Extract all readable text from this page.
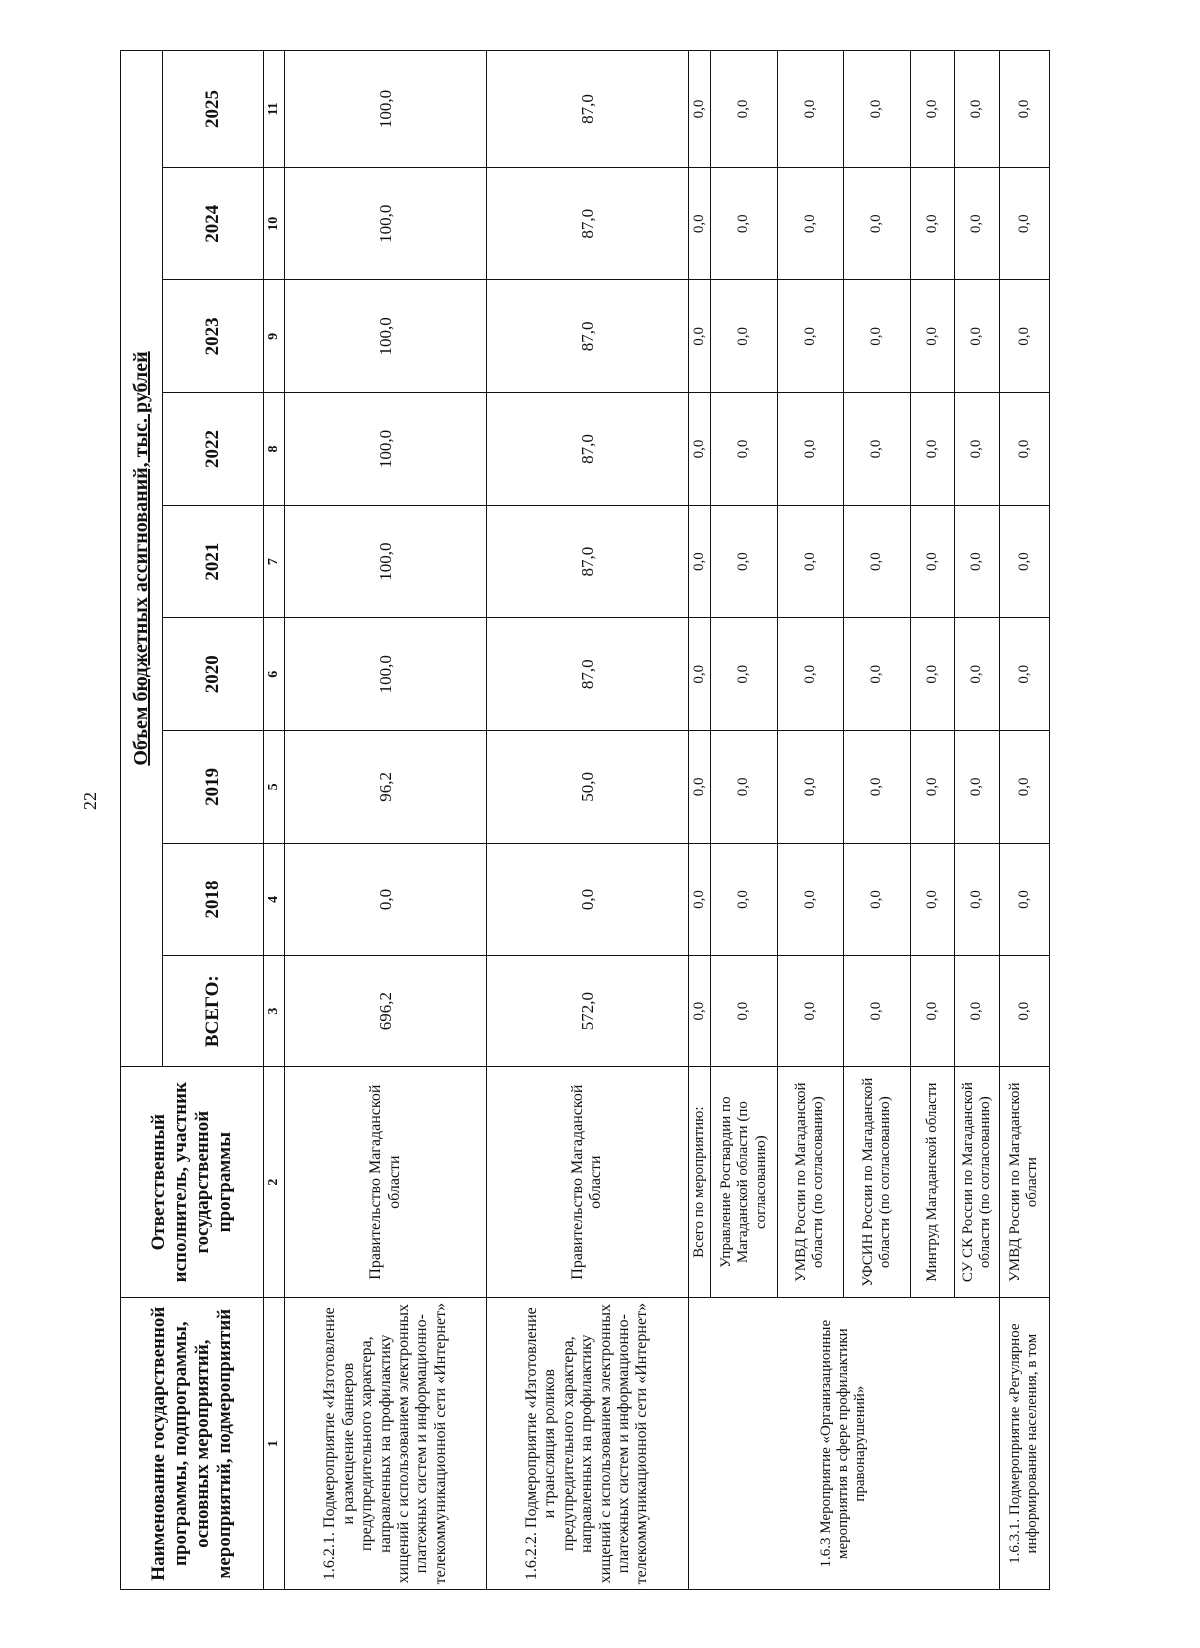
22
Наименование государственной программы, подпрограммы, основных мероприятий, мероприятий, подмероприятий	Ответственный исполнитель, участник государственной программы	Объем бюджетных ассигнований, тыс. рублей								
		ВСЕГО:	2018	2019	2020	2021	2022	2023	2024	2025
1	2	3	4	5	6	7	8	9	10	11
1.6.2.1. Подмероприятие «Изготовление и размещение баннеров предупредительного характера, направленных на профилактику хищений с использованием электронных платежных систем и информационно-телекоммуникационной сети «Интернет»	Правительство Магаданской области	696,2	0,0	96,2	100,0	100,0	100,0	100,0	100,0	100,0
1.6.2.2. Подмероприятие «Изготовление и трансляция роликов предупредительного характера, направленных на профилактику хищений с использованием электронных платежных систем и информационно-телекоммуникационной сети «Интернет»	Правительство Магаданской области	572,0	0,0	50,0	87,0	87,0	87,0	87,0	87,0	87,0
1.6.3 Мероприятие «Организационные мероприятия в сфере профилактики правонарушений»	Всего по мероприятию:	0,0	0,0	0,0	0,0	0,0	0,0	0,0	0,0	0,0
	Управление Росгвардии по Магаданской области (по согласованию)	0,0	0,0	0,0	0,0	0,0	0,0	0,0	0,0	0,0
	УМВД России по Магаданской области (по согласованию)	0,0	0,0	0,0	0,0	0,0	0,0	0,0	0,0	0,0
	УФСИН России по Магаданской области (по согласованию)	0,0	0,0	0,0	0,0	0,0	0,0	0,0	0,0	0,0
	Минтруд Магаданской области	0,0	0,0	0,0	0,0	0,0	0,0	0,0	0,0	0,0
	СУ СК России по Магаданской области (по согласованию)	0,0	0,0	0,0	0,0	0,0	0,0	0,0	0,0	0,0
1.6.3.1. Подмероприятие «Регулярное информирование населения, в том	УМВД России по Магаданской области	0,0	0,0	0,0	0,0	0,0	0,0	0,0	0,0	0,0
